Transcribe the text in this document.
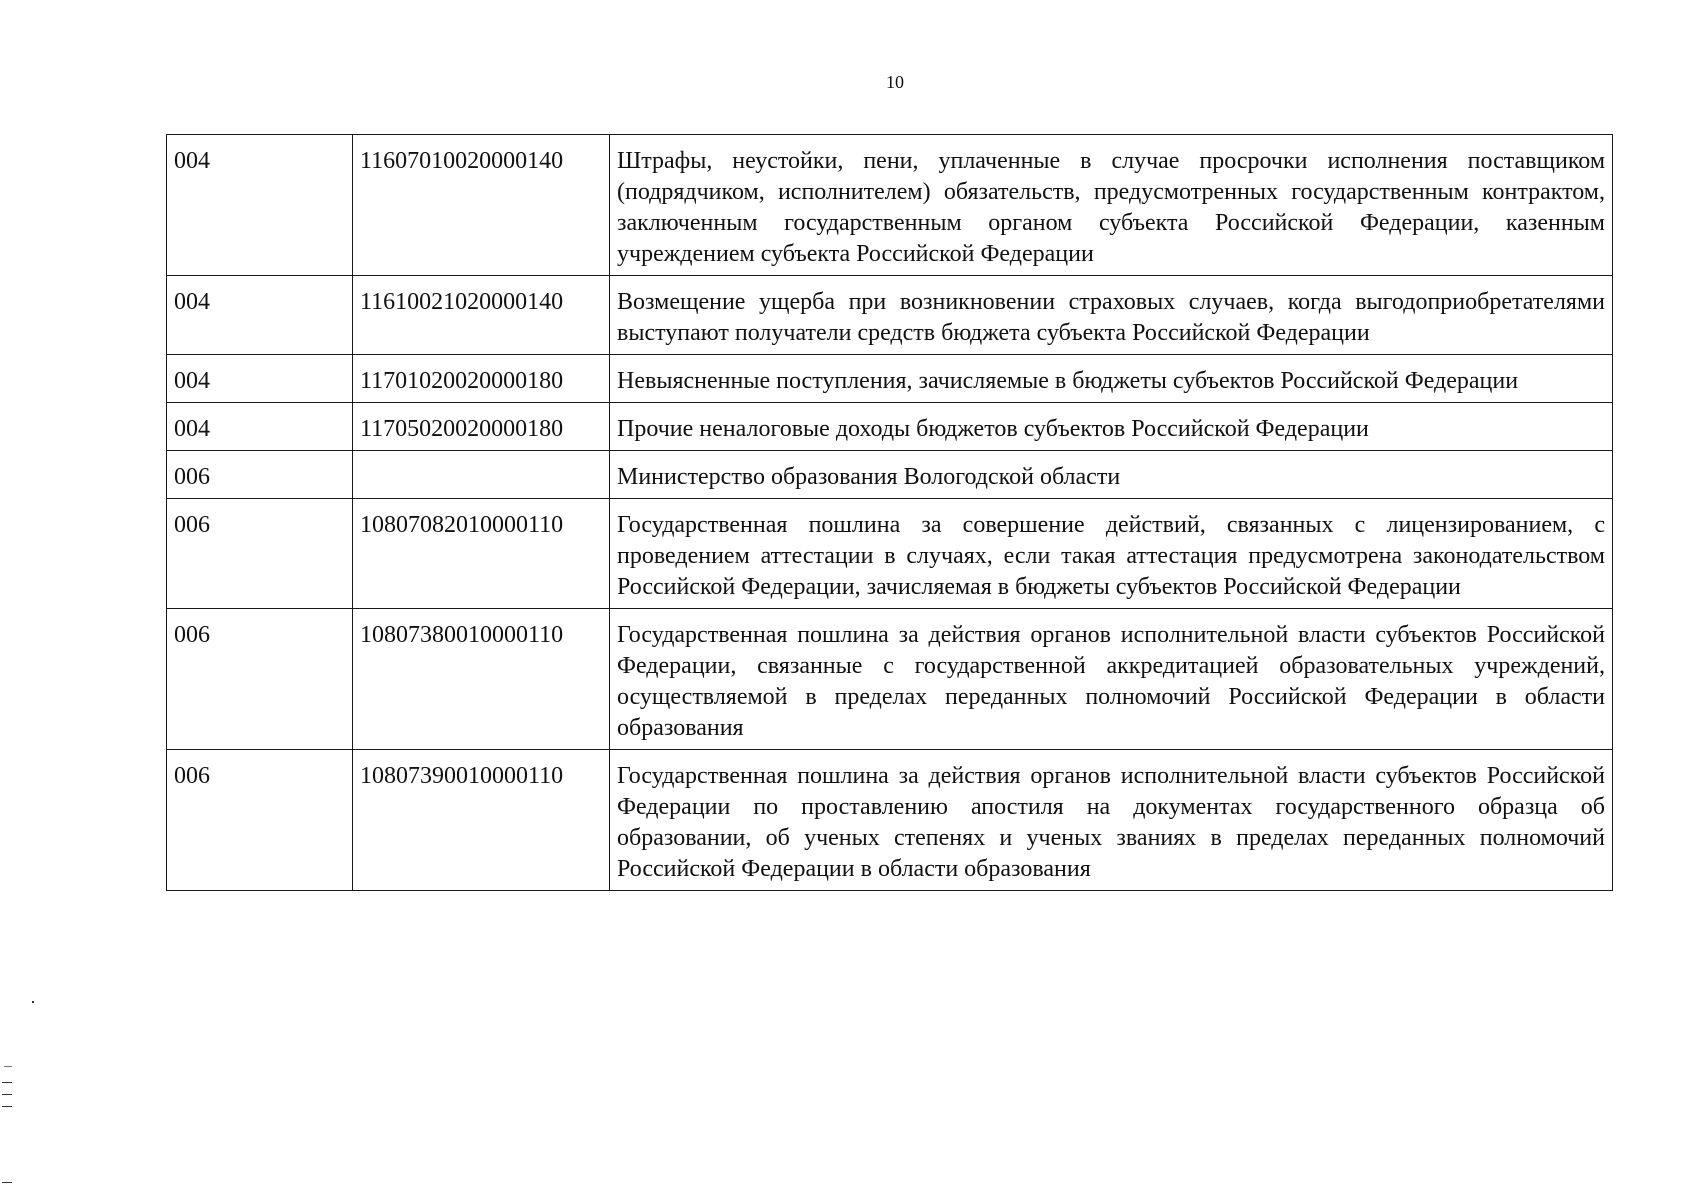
10
004	11607010020000140	Штрафы, неустойки, пени, уплаченные в случае просрочки исполнения поставщиком (подрядчиком, исполнителем) обязательств, предусмотренных государственным контрактом, заключенным государственным органом субъекта Российской Федерации, казенным учреждением субъекта Российской Федерации
004	11610021020000140	Возмещение ущерба при возникновении страховых случаев, когда выгодоприобретателями выступают получатели средств бюджета субъекта Российской Федерации
004	11701020020000180	Невыясненные поступления, зачисляемые в бюджеты субъектов Российской Федерации
004	11705020020000180	Прочие неналоговые доходы бюджетов субъектов Российской Федерации
006		Министерство образования Вологодской области
006	10807082010000110	Государственная пошлина за совершение действий, связанных с лицензированием, с проведением аттестации в случаях, если такая аттестация предусмотрена законодательством Российской Федерации, зачисляемая в бюджеты субъектов Российской Федерации
006	10807380010000110	Государственная пошлина за действия органов исполнительной власти субъектов Российской Федерации, связанные с государственной аккредитацией образовательных учреждений, осуществляемой в пределах переданных полномочий Российской Федерации в области образования
006	10807390010000110	Государственная пошлина за действия органов исполнительной власти субъектов Российской Федерации по проставлению апостиля на документах государственного образца об образовании, об ученых степенях и ученых званиях в пределах переданных полномочий Российской Федерации в области образования
